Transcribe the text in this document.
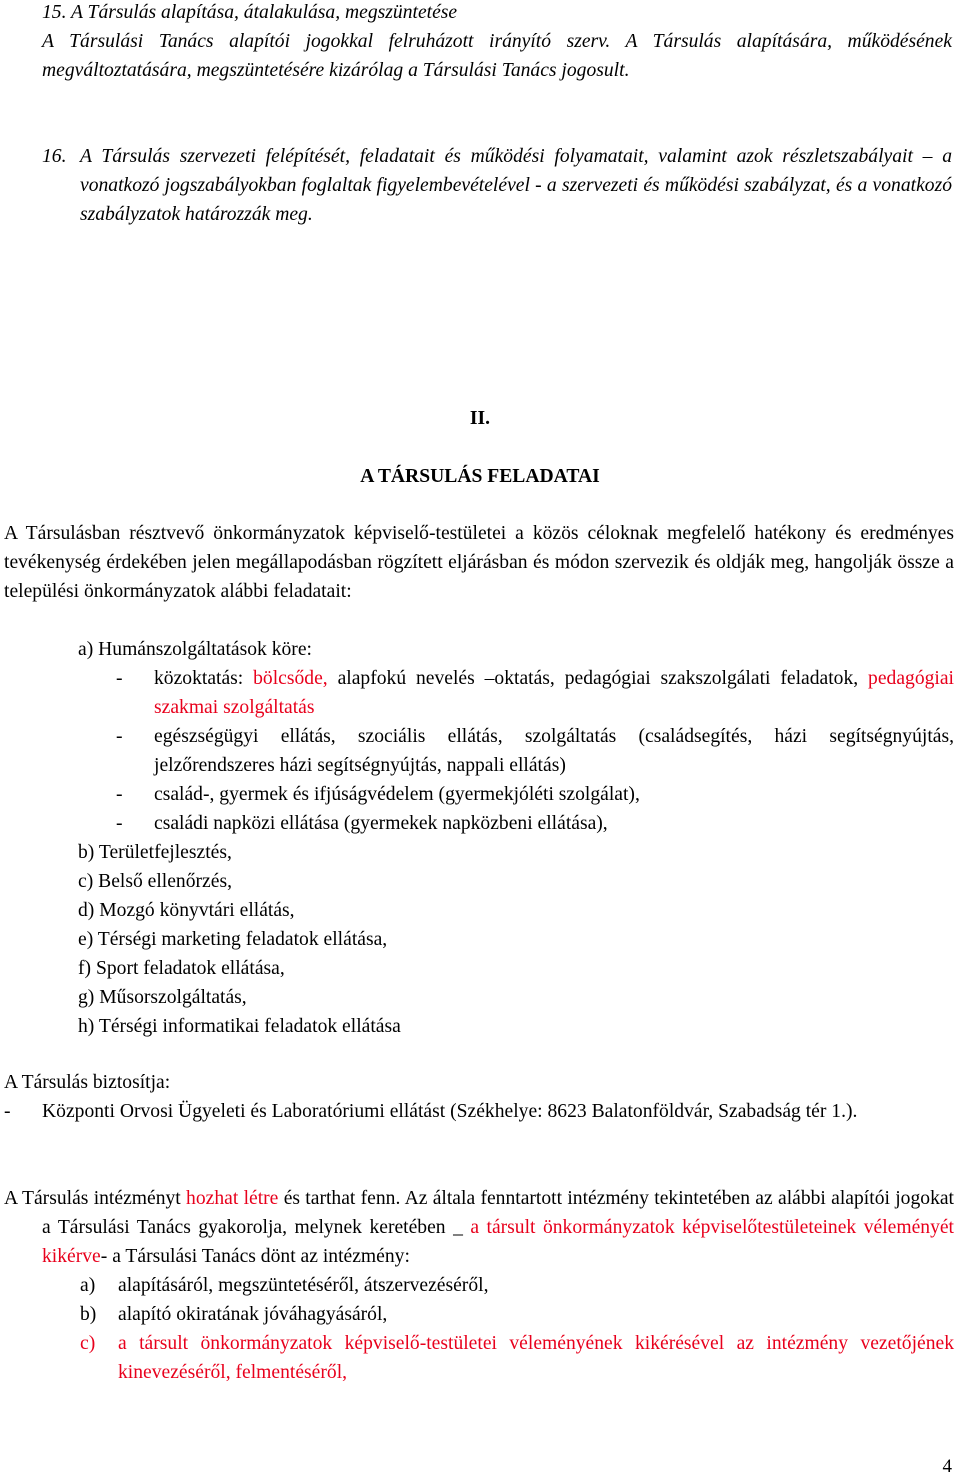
15. A Társulás alapítása, átalakulása, megszüntetése

A Társulási Tanács alapítói jogokkal felruházott irányító szerv. A Társulás alapítására, működésének megváltoztatására, megszüntetésére kizárólag a Társulási Tanács jogosult.

16. A Társulás szervezeti felépítését, feladatait és működési folyamatait, valamint azok részletszabályait – a vonatkozó jogszabályokban foglaltak figyelembevételével - a szervezeti és működési szabályzat, és a vonatkozó szabályzatok határozzák meg.
II.
A TÁRSULÁS FELADATAI

A Társulásban résztvevő önkormányzatok képviselő-testületei a közös céloknak megfelelő hatékony és eredményes tevékenység érdekében jelen megállapodásban rögzített eljárásban és módon szervezik és oldják meg, hangolják össze a települési önkormányzatok alábbi feladatait:

a) Humánszolgáltatások köre:

-	közoktatás: bölcsőde, alapfokú nevelés –oktatás, pedagógiai szakszolgálati feladatok, pedagógiai szakmai szolgáltatás
-	egészségügyi ellátás, szociális ellátás, szolgáltatás (családsegítés, házi segítségnyújtás, jelzőrendszeres házi segítségnyújtás, nappali ellátás)
-	család-, gyermek és ifjúságvédelem (gyermekjóléti szolgálat),
-	családi napközi ellátása (gyermekek napközbeni ellátása),

b) Területfejlesztés,

c) Belső ellenőrzés,

d) Mozgó könyvtári ellátás,

e) Térségi marketing feladatok ellátása,

f) Sport feladatok ellátása,

g) Műsorszolgáltatás,

h) Térségi informatikai feladatok ellátása

A Társulás biztosítja:

-	Központi Orvosi Ügyeleti és Laboratóriumi ellátást (Székhelye: 8623 Balatonföldvár, Szabadság tér 1.).

A Társulás intézményt hozhat létre és tarthat fenn. Az általa fenntartott intézmény tekintetében az alábbi alapítói jogokat a Társulási Tanács gyakorolja, melynek keretében _ a társult önkormányzatok képviselőtestületeinek véleményét kikérve- a Társulási Tanács dönt az intézmény:

a)	alapításáról, megszüntetéséről, átszervezéséről,
b)	alapító okiratának jóváhagyásáról,
c)	a társult önkormányzatok képviselő-testületei véleményének kikérésével az intézmény vezetőjének kinevezéséről, felmentéséről,
4
